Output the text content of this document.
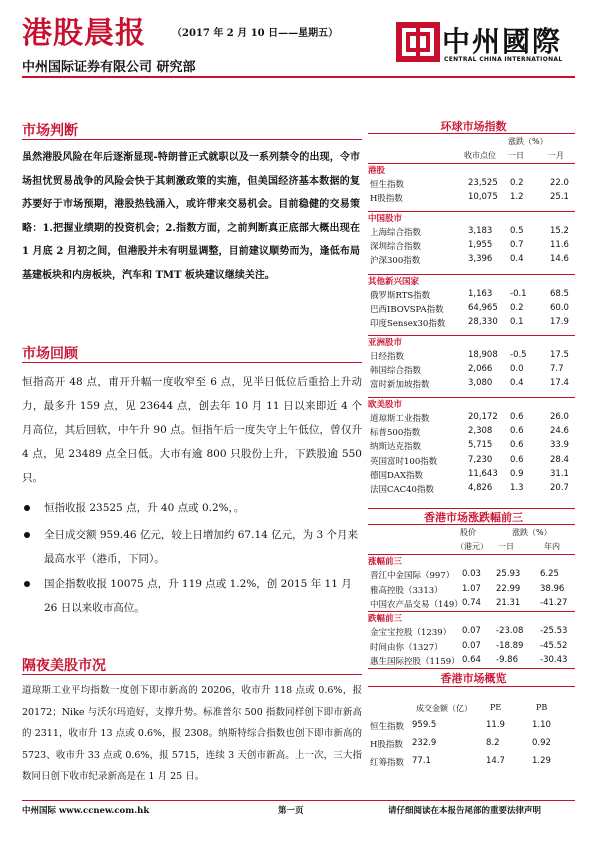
港股晨报	（2017 年 2 月 10 日——星期五）
中州国际证券有限公司 研究部
中州國際
CENTRAL CHINA INTERNATIONAL
市场判断
虽然港股风险在年后逐渐显现-特朗普正式就职以及一系列禁令的出现，令市场担忧贸易战争的风险会快于其刺激政策的实施，但美国经济基本数据的复苏要好于市场预期，港股热钱涌入，或许带来交易机会。目前稳健的交易策略：1.把握业绩期的投资机会；2.指数方面，之前判断真正底部大概出现在 1 月底 2 月初之间，但港股并未有明显调整，目前建议顺势而为，逢低布局基建板块和内房板块，汽车和 TMT 板块建议继续关注。
市场回顾
恒指高开 48 点，甫开升幅一度收窄至 6 点，见半日低位后重拾上升动力，最多升 159 点，见 23644 点，创去年 10 月 11 日以来即近 4 个月高位，其后回软，中午升 90 点。恒指午后一度失守上午低位，曾仅升 4 点，见 23489 点全日低。大市有逾 800 只股份上升，下跌股逾 550 只。
恒指收报 23525 点，升 40 点或 0.2%，。
全日成交额 959.46 亿元，较上日增加约 67.14 亿元，为 3 个月来最高水平（港币，下同）。
国企指数收报 10075 点，升 119 点或 1.2%，创 2015 年 11 月 26 日以来收市高位。
隔夜美股市况
道琼斯工业平均指数一度创下即市新高的 20206，收市升 118 点或 0.6%，报 20172；Nike 与沃尔玛造好，支撑升势。标准普尔 500 指数同样创下即市新高的 2311，收市升 13 点或 0.6%，报 2308。纳斯特综合指数也创下即市新高的 5723、收市升 33 点或 0.6%，报 5715，连续 3 天创市新高。上一次，三大指数同日创下收市纪录新高是在 1 月 25 日。
环球市场指数
涨跌（%）
收市点位 一日	一月
港股
恒生指数	23,525 0.2	22.0
H股指数	10,075 1.2	25.1
中国股市
上海综合指数	3,183 0.5	15.2
深圳综合指数	1,955 0.7	11.6
沪深300指数	3,396 0.4	14.6
其他新兴国家
俄罗斯RTS指数	1,163 -0.1	68.5
巴西IBOVSPA指数	64,965 0.2	60.0
印度Sensex30指数	28,330 0.1	17.9
亚洲股市
日经指数	18,908 -0.5	17.5
韩国综合指数	2,066 0.0	7.7
富时新加坡指数	3,080 0.4	17.4
欧美股市
道琼斯工业指数	20,172 0.6	26.0
标普500指数	2,308 0.6	24.6
纳斯达克指数	5,715 0.6	33.9
英国富时100指数	7,230 0.6	28.4
德国DAX指数	11,643 0.9	31.1
法国CAC40指数	4,826 1.3	20.7
香港市场涨跌幅前三
股价	涨跌（%）
（港元） 一日	年内
涨幅前三
晋江中金国际（997） 0.03 25.93 6.25
雅高控股（3313） 1.07 22.99 38.96
中国农产品交易（149） 0.74 21.31 -41.27
跌幅前三
金宝宝控股（1239） 0.07 -23.08 -25.53
时间由你（1327） 0.07 -18.89 -45.52
惠生国际控股（1159） 0.64 -9.86	-30.43
香港市场概览
成交金额（亿） PE	PB
恒生指数 959.5	11.9	1.10
H股指数 232.9	8.2	0.92
红筹指数 77.1	14.7	1.29
中州国际 www.ccnew.com.hk	第一页	请仔细阅读在本报告尾部的重要法律声明
